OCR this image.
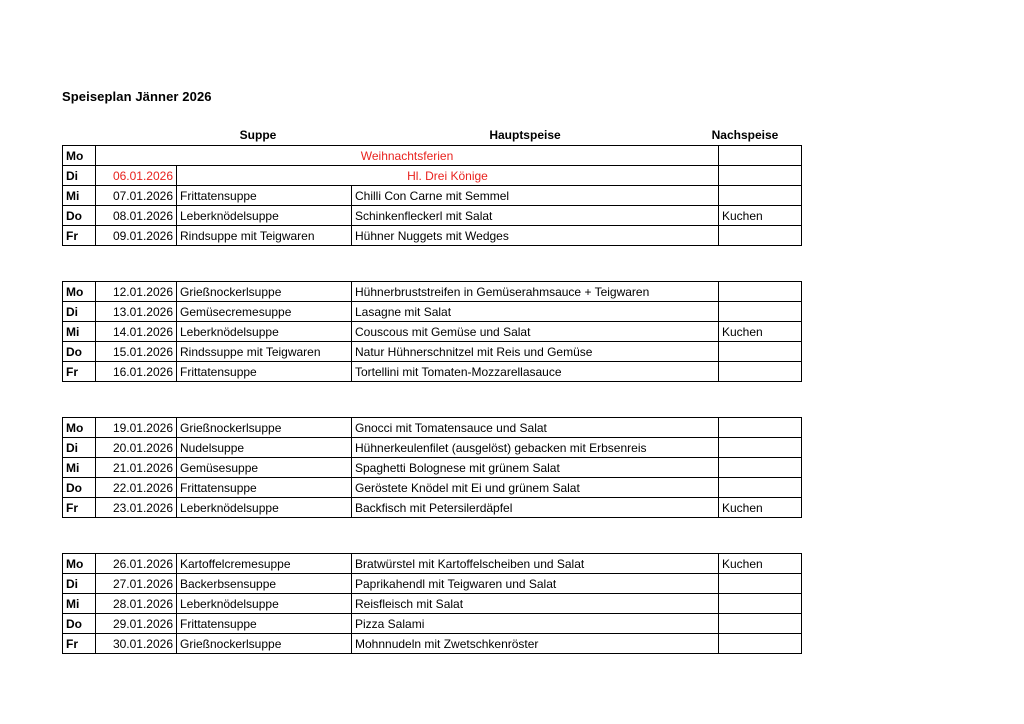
Speiseplan Jänner 2026
Suppe	Hauptspeise	Nachspeise
Mo	Weihnachtsferien			
Di	06.01.2026	Hl. Drei Könige		
Mi	07.01.2026	Frittatensuppe	Chilli Con Carne mit Semmel	
Do	08.01.2026	Leberknödelsuppe	Schinkenfleckerl mit Salat	Kuchen
Fr	09.01.2026	Rindsuppe mit Teigwaren	Hühner Nuggets mit Wedges	
Mo	12.01.2026	Grießnockerlsuppe	Hühnerbruststreifen in Gemüserahmsauce + Teigwaren	
Di	13.01.2026	Gemüsecremesuppe	Lasagne mit Salat	
Mi	14.01.2026	Leberknödelsuppe	Couscous mit Gemüse und Salat	Kuchen
Do	15.01.2026	Rindssuppe mit Teigwaren	Natur Hühnerschnitzel mit Reis und Gemüse	
Fr	16.01.2026	Frittatensuppe	Tortellini mit Tomaten-Mozzarellasauce	
Mo	19.01.2026	Grießnockerlsuppe	Gnocci mit Tomatensauce und Salat	
Di	20.01.2026	Nudelsuppe	Hühnerkeulenfilet (ausgelöst) gebacken mit Erbsenreis	
Mi	21.01.2026	Gemüsesuppe	Spaghetti Bolognese mit grünem Salat	
Do	22.01.2026	Frittatensuppe	Geröstete Knödel mit Ei und grünem Salat	
Fr	23.01.2026	Leberknödelsuppe	Backfisch mit Petersilerdäpfel	Kuchen
Mo	26.01.2026	Kartoffelcremesuppe	Bratwürstel mit Kartoffelscheiben und Salat	Kuchen
Di	27.01.2026	Backerbsensuppe	Paprikahendl mit Teigwaren und Salat	
Mi	28.01.2026	Leberknödelsuppe	Reisfleisch mit Salat	
Do	29.01.2026	Frittatensuppe	Pizza Salami	
Fr	30.01.2026	Grießnockerlsuppe	Mohnnudeln mit Zwetschkenröster	
